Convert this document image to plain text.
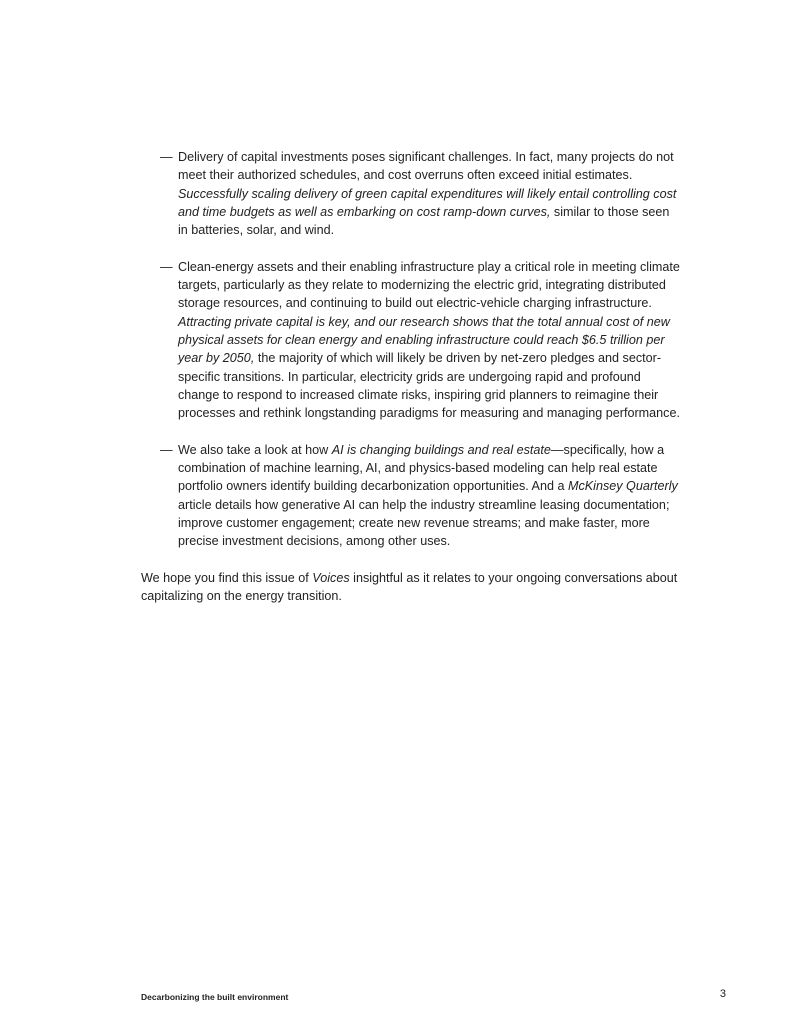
— Delivery of capital investments poses significant challenges. In fact, many projects do not meet their authorized schedules, and cost overruns often exceed initial estimates. Successfully scaling delivery of green capital expenditures will likely entail controlling cost and time budgets as well as embarking on cost ramp-down curves, similar to those seen in batteries, solar, and wind.
— Clean-energy assets and their enabling infrastructure play a critical role in meeting climate targets, particularly as they relate to modernizing the electric grid, integrating distributed storage resources, and continuing to build out electric-vehicle charging infrastructure. Attracting private capital is key, and our research shows that the total annual cost of new physical assets for clean energy and enabling infrastructure could reach $6.5 trillion per year by 2050, the majority of which will likely be driven by net-zero pledges and sector-specific transitions. In particular, electricity grids are undergoing rapid and profound change to respond to increased climate risks, inspiring grid planners to reimagine their processes and rethink longstanding paradigms for measuring and managing performance.
— We also take a look at how AI is changing buildings and real estate—specifically, how a combination of machine learning, AI, and physics-based modeling can help real estate portfolio owners identify building decarbonization opportunities. And a McKinsey Quarterly article details how generative AI can help the industry streamline leasing documentation; improve customer engagement; create new revenue streams; and make faster, more precise investment decisions, among other uses.

We hope you find this issue of Voices insightful as it relates to your ongoing conversations about capitalizing on the energy transition.

Decarbonizing the built environment	3
